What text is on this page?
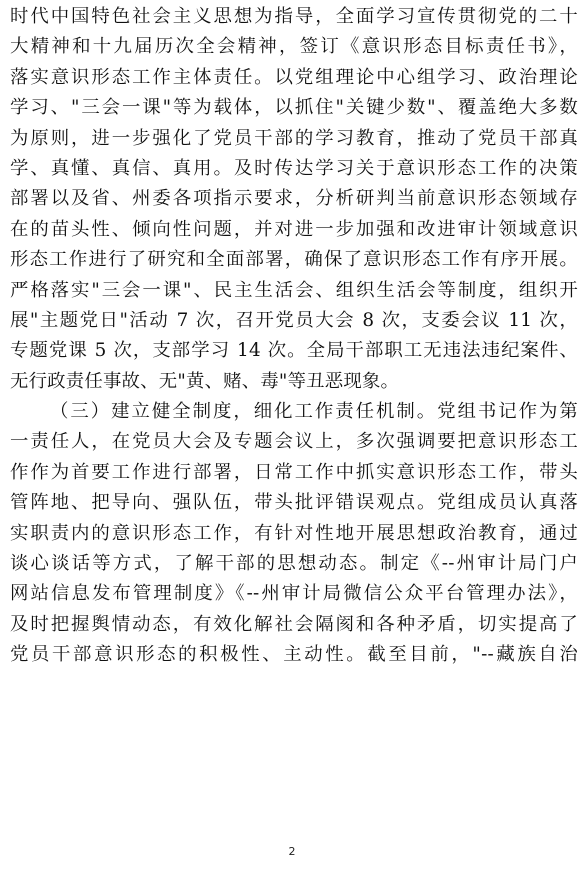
时代中国特色社会主义思想为指导，全面学习宣传贯彻党的二十
大精神和十九届历次全会精神，签订《意识形态目标责任书》，
落实意识形态工作主体责任。以党组理论中心组学习、政治理论
学习、"三会一课"等为载体，以抓住"关键少数"、覆盖绝大多数
为原则，进一步强化了党员干部的学习教育，推动了党员干部真
学、真懂、真信、真用。及时传达学习关于意识形态工作的决策
部署以及省、州委各项指示要求，分析研判当前意识形态领域存
在的苗头性、倾向性问题，并对进一步加强和改进审计领域意识
形态工作进行了研究和全面部署，确保了意识形态工作有序开展。
严格落实"三会一课"、民主生活会、组织生活会等制度，组织开
展"主题党日"活动 7 次，召开党员大会 8 次，支委会议 11 次，
专题党课 5 次，支部学习 14 次。全局干部职工无违法违纪案件、
无行政责任事故、无"黄、赌、毒"等丑恶现象。
（三）建立健全制度，细化工作责任机制。党组书记作为第
一责任人，在党员大会及专题会议上，多次强调要把意识形态工
作作为首要工作进行部署，日常工作中抓实意识形态工作，带头
管阵地、把导向、强队伍，带头批评错误观点。党组成员认真落
实职责内的意识形态工作，有针对性地开展思想政治教育，通过
谈心谈话等方式，了解干部的思想动态。制定《--州审计局门户
网站信息发布管理制度》《--州审计局微信公众平台管理办法》，
及时把握舆情动态，有效化解社会隔阂和各种矛盾，切实提高了
党员干部意识形态的积极性、主动性。截至目前，"--藏族自治
2
